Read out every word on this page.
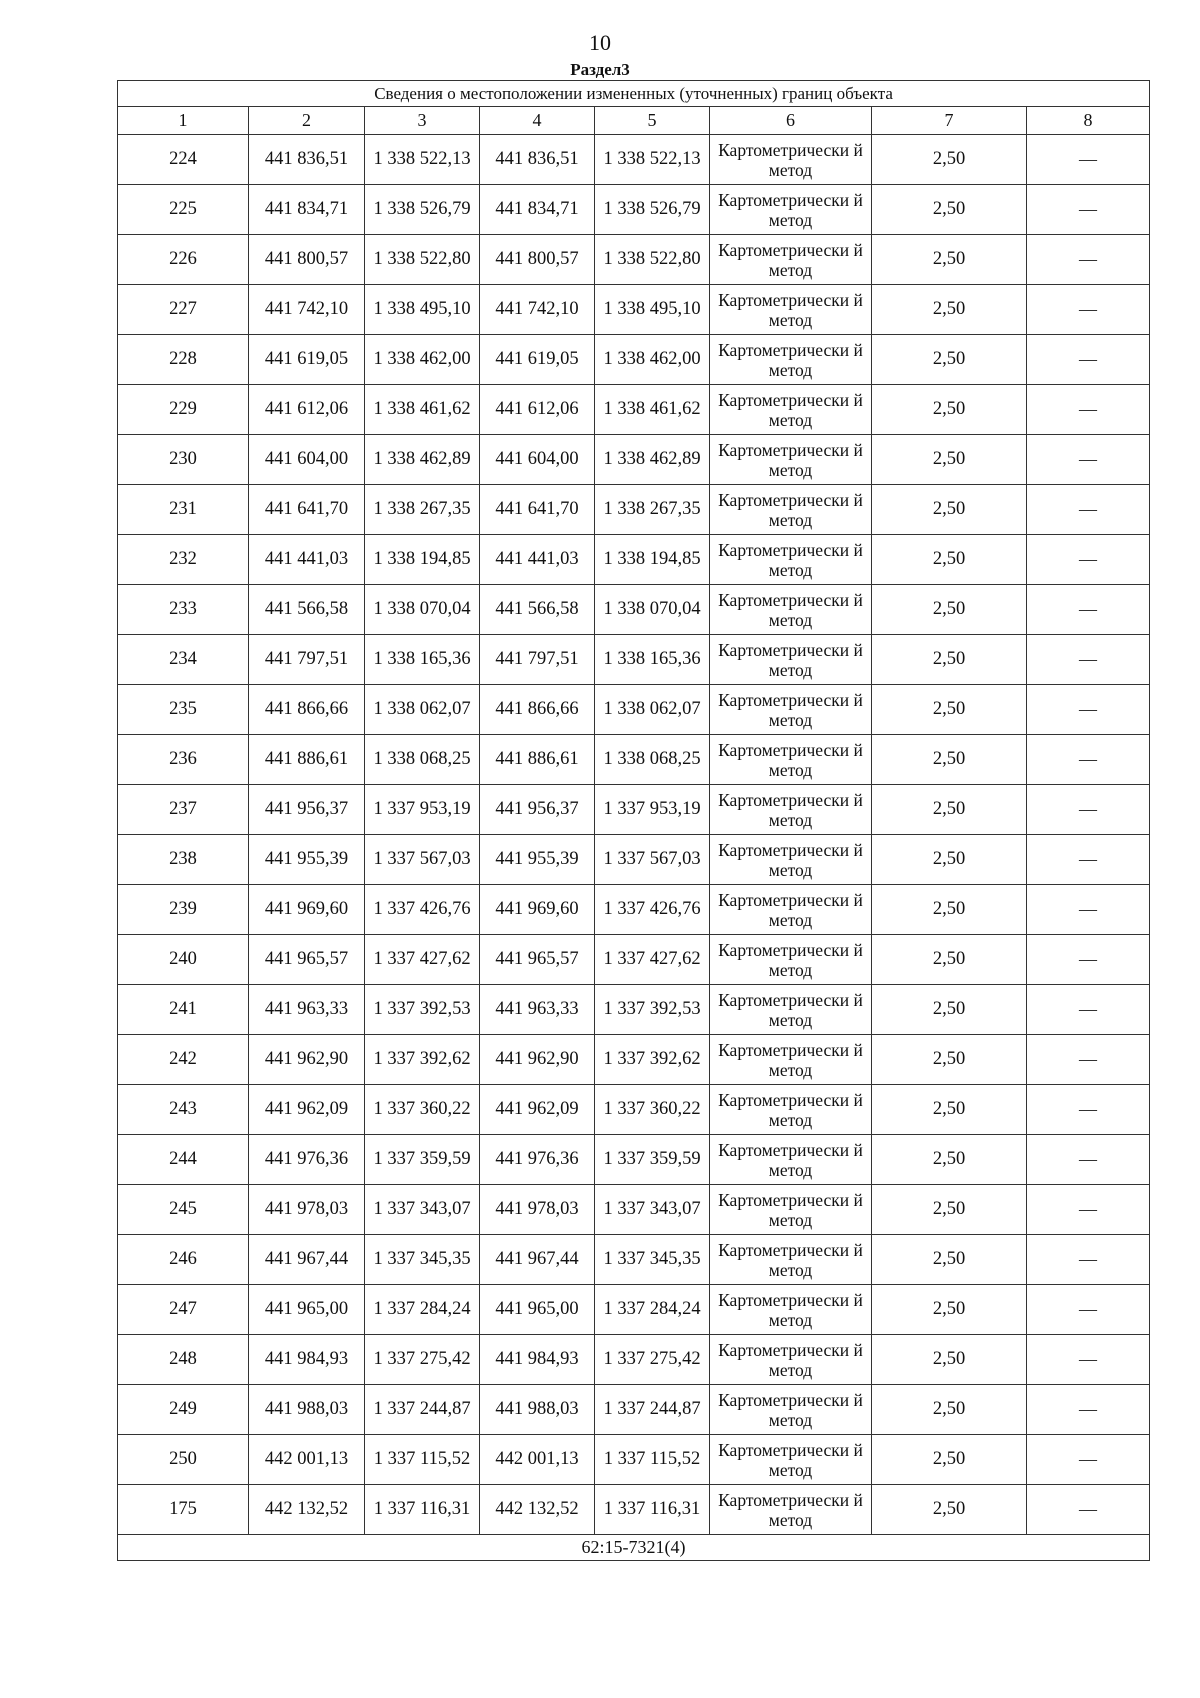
10
Раздел3
Сведения о местоположении измененных (уточненных) границ объекта							
1	2	3	4	5	6	7	8
224	441 836,51	1 338 522,13	441 836,51	1 338 522,13	Картометрически й метод	2,50	—
225	441 834,71	1 338 526,79	441 834,71	1 338 526,79	Картометрически й метод	2,50	—
226	441 800,57	1 338 522,80	441 800,57	1 338 522,80	Картометрически й метод	2,50	—
227	441 742,10	1 338 495,10	441 742,10	1 338 495,10	Картометрически й метод	2,50	—
228	441 619,05	1 338 462,00	441 619,05	1 338 462,00	Картометрически й метод	2,50	—
229	441 612,06	1 338 461,62	441 612,06	1 338 461,62	Картометрически й метод	2,50	—
230	441 604,00	1 338 462,89	441 604,00	1 338 462,89	Картометрически й метод	2,50	—
231	441 641,70	1 338 267,35	441 641,70	1 338 267,35	Картометрически й метод	2,50	—
232	441 441,03	1 338 194,85	441 441,03	1 338 194,85	Картометрически й метод	2,50	—
233	441 566,58	1 338 070,04	441 566,58	1 338 070,04	Картометрически й метод	2,50	—
234	441 797,51	1 338 165,36	441 797,51	1 338 165,36	Картометрически й метод	2,50	—
235	441 866,66	1 338 062,07	441 866,66	1 338 062,07	Картометрически й метод	2,50	—
236	441 886,61	1 338 068,25	441 886,61	1 338 068,25	Картометрически й метод	2,50	—
237	441 956,37	1 337 953,19	441 956,37	1 337 953,19	Картометрически й метод	2,50	—
238	441 955,39	1 337 567,03	441 955,39	1 337 567,03	Картометрически й метод	2,50	—
239	441 969,60	1 337 426,76	441 969,60	1 337 426,76	Картометрически й метод	2,50	—
240	441 965,57	1 337 427,62	441 965,57	1 337 427,62	Картометрически й метод	2,50	—
241	441 963,33	1 337 392,53	441 963,33	1 337 392,53	Картометрически й метод	2,50	—
242	441 962,90	1 337 392,62	441 962,90	1 337 392,62	Картометрически й метод	2,50	—
243	441 962,09	1 337 360,22	441 962,09	1 337 360,22	Картометрически й метод	2,50	—
244	441 976,36	1 337 359,59	441 976,36	1 337 359,59	Картометрически й метод	2,50	—
245	441 978,03	1 337 343,07	441 978,03	1 337 343,07	Картометрически й метод	2,50	—
246	441 967,44	1 337 345,35	441 967,44	1 337 345,35	Картометрически й метод	2,50	—
247	441 965,00	1 337 284,24	441 965,00	1 337 284,24	Картометрически й метод	2,50	—
248	441 984,93	1 337 275,42	441 984,93	1 337 275,42	Картометрически й метод	2,50	—
249	441 988,03	1 337 244,87	441 988,03	1 337 244,87	Картометрически й метод	2,50	—
250	442 001,13	1 337 115,52	442 001,13	1 337 115,52	Картометрически й метод	2,50	—
175	442 132,52	1 337 116,31	442 132,52	1 337 116,31	Картометрически й метод	2,50	—
62:15-7321(4)							
